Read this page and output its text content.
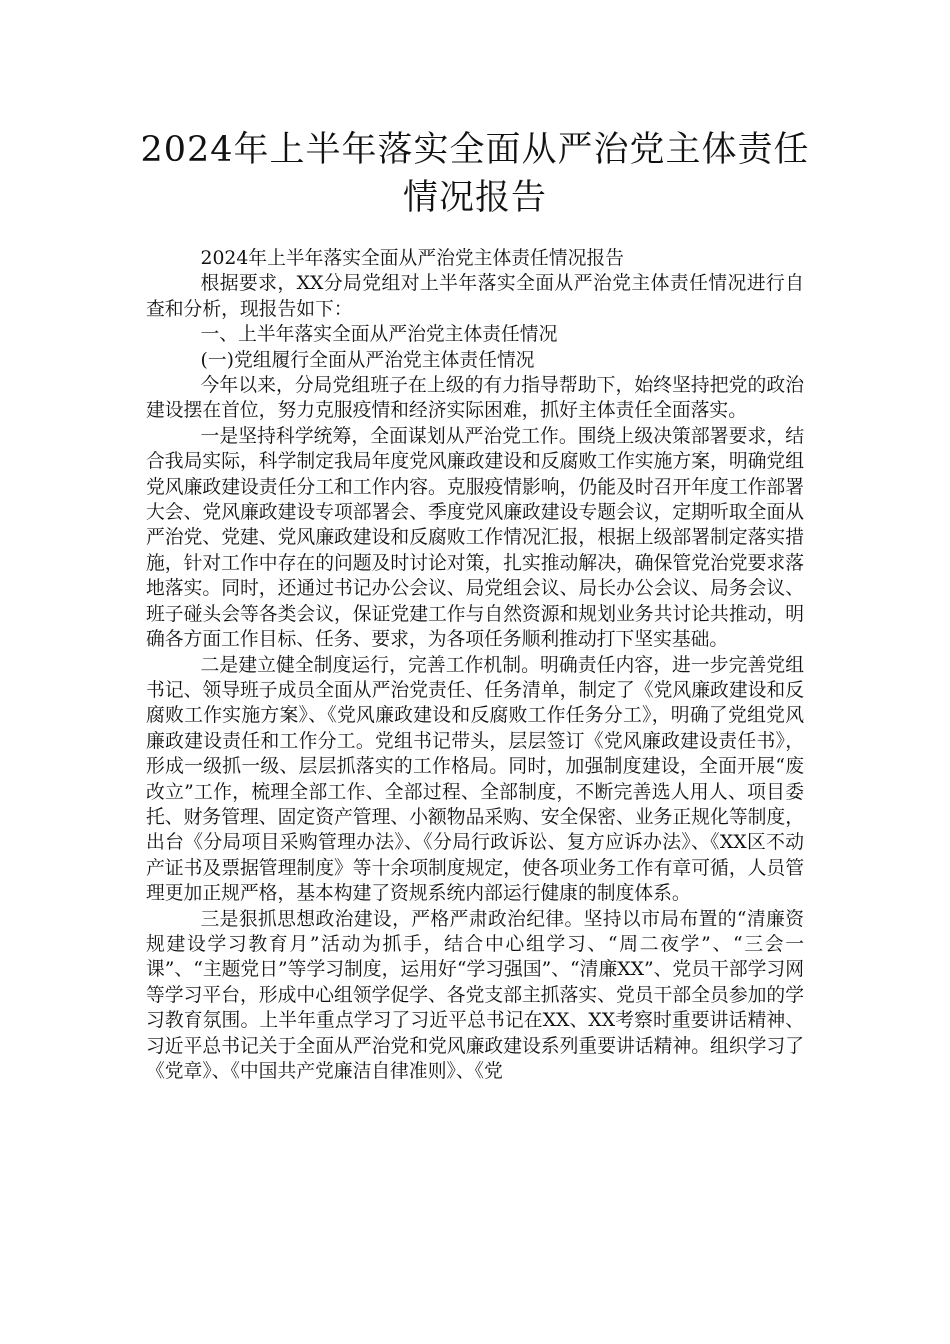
2024年上半年落实全面从严治党主体责任情况报告

2024年上半年落实全面从严治党主体责任情况报告

根据要求，XX分局党组对上半年落实全面从严治党主体责任情况进行自查和分析，现报告如下：

一、上半年落实全面从严治党主体责任情况

(一)党组履行全面从严治党主体责任情况

今年以来，分局党组班子在上级的有力指导帮助下，始终坚持把党的政治建设摆在首位，努力克服疫情和经济实际困难，抓好主体责任全面落实。

一是坚持科学统筹，全面谋划从严治党工作。围绕上级决策部署要求，结合我局实际，科学制定我局年度党风廉政建设和反腐败工作实施方案，明确党组党风廉政建设责任分工和工作内容。克服疫情影响，仍能及时召开年度工作部署大会、党风廉政建设专项部署会、季度党风廉政建设专题会议，定期听取全面从严治党、党建、党风廉政建设和反腐败工作情况汇报，根据上级部署制定落实措施，针对工作中存在的问题及时讨论对策，扎实推动解决，确保管党治党要求落地落实。同时，还通过书记办公会议、局党组会议、局长办公会议、局务会议、班子碰头会等各类会议，保证党建工作与自然资源和规划业务共讨论共推动，明确各方面工作目标、任务、要求，为各项任务顺利推动打下坚实基础。

二是建立健全制度运行，完善工作机制。明确责任内容，进一步完善党组书记、领导班子成员全面从严治党责任、任务清单，制定了《党风廉政建设和反腐败工作实施方案》、《党风廉政建设和反腐败工作任务分工》，明确了党组党风廉政建设责任和工作分工。党组书记带头，层层签订《党风廉政建设责任书》，形成一级抓一级、层层抓落实的工作格局。同时，加强制度建设，全面开展“废改立”工作，梳理全部工作、全部过程、全部制度，不断完善选人用人、项目委托、财务管理、固定资产管理、小额物品采购、安全保密、业务正规化等制度，出台《分局项目采购管理办法》、《分局行政诉讼、复方应诉办法》、《XX区不动产证书及票据管理制度》等十余项制度规定，使各项业务工作有章可循，人员管理更加正规严格，基本构建了资规系统内部运行健康的制度体系。

三是狠抓思想政治建设，严格严肃政治纪律。坚持以市局布置的“清廉资规建设学习教育月”活动为抓手，结合中心组学习、“周二夜学”、“三会一课”、“主题党日”等学习制度，运用好“学习强国”、“清廉XX”、党员干部学习网等学习平台，形成中心组领学促学、各党支部主抓落实、党员干部全员参加的学习教育氛围。上半年重点学习了习近平总书记在XX、XX考察时重要讲话精神、习近平总书记关于全面从严治党和党风廉政建设系列重要讲话精神。组织学习了《党章》、《中国共产党廉洁自律准则》、《党
